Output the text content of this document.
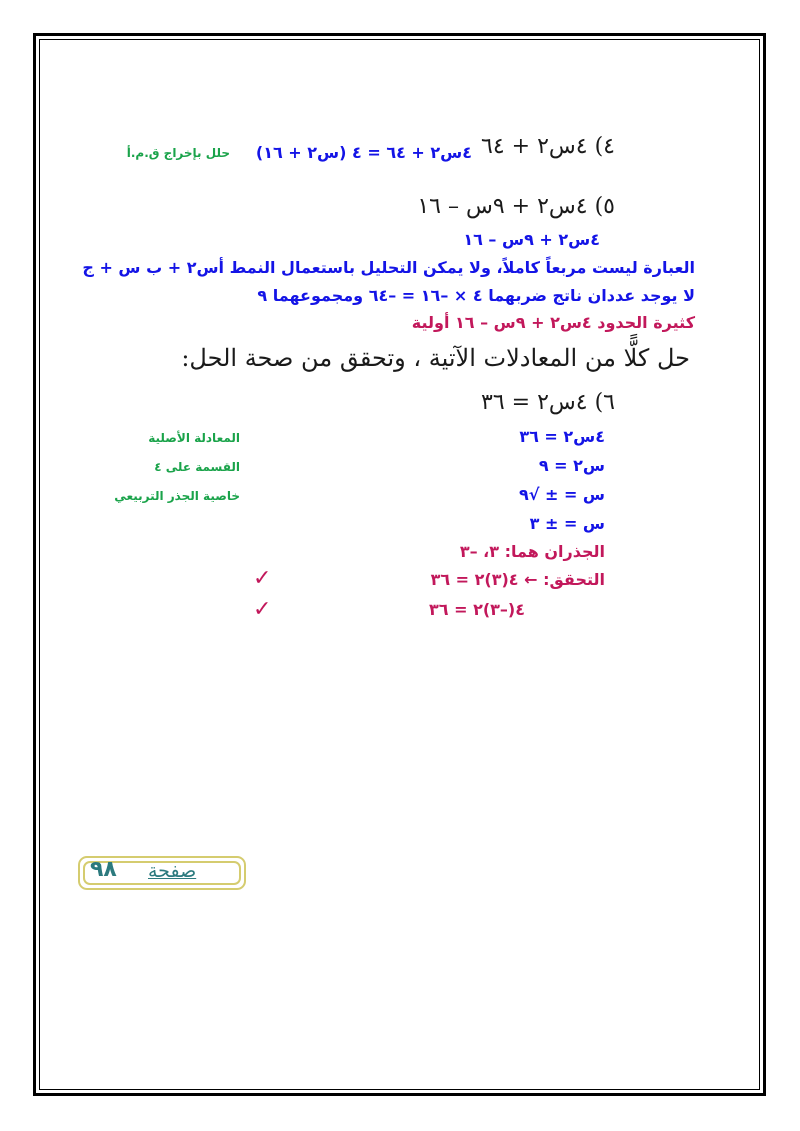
٤) ٤س٢ + ٦٤
٤س٢ + ٦٤ = ٤ (س٢ + ١٦)
حلل بإخراج ق.م.أ
٥) ٤س٢ + ٩س – ١٦
٤س٢ + ٩س – ١٦
العبارة ليست مربعاً كاملاً، ولا يمكن التحليل باستعمال النمط أس٢ + ب س + ج
لا يوجد عددان ناتج ضربهما ٤ × –١٦ = –٦٤ ومجموعهما ٩
كثيرة الحدود ٤س٢ + ٩س – ١٦ أولية
حل كلًّا من المعادلات الآتية ، وتحقق من صحة الحل:
٦) ٤س٢ = ٣٦
٤س٢ = ٣٦
المعادلة الأصلية
س٢ = ٩
القسمة على ٤
س = ± √٩
خاصية الجذر التربيعي
س = ± ٣
الجذران هما: ٣، –٣
التحقق: ← ٤(٣)٢ = ٣٦
✓
٤(–٣)٢ = ٣٦
✓
٩٨ صفحة
